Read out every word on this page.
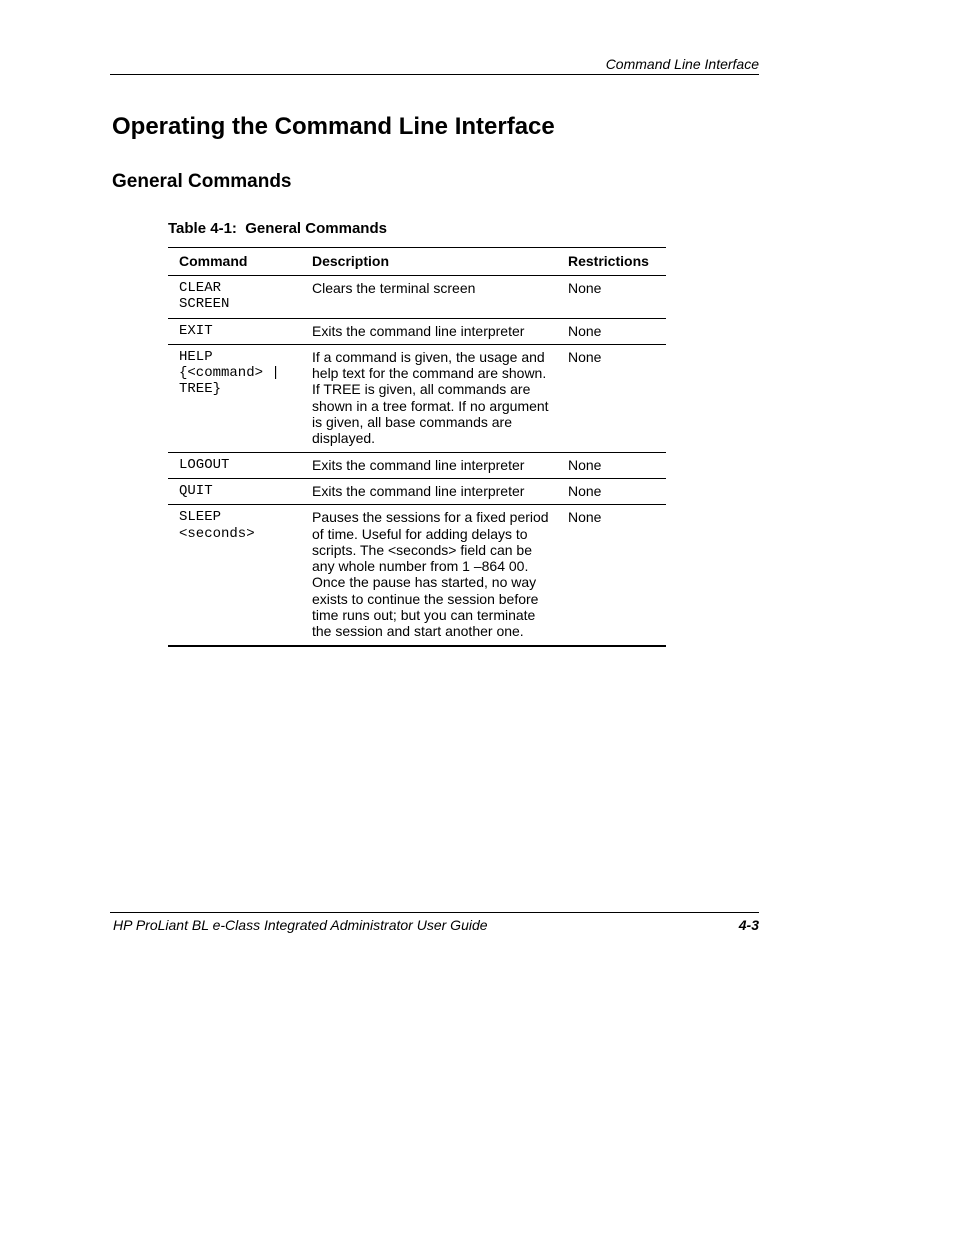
Command Line Interface
Operating the Command Line Interface
General Commands
Table 4-1:  General Commands
Command	Description	Restrictions
CLEAR
SCREEN	Clears the terminal screen	None
EXIT	Exits the command line interpreter	None
HELP
{<command> |
TREE}	If a command is given, the usage and help text for the command are shown. If TREE is given, all commands are shown in a tree format. If no argument is given, all base commands are displayed.	None
LOGOUT	Exits the command line interpreter	None
QUIT	Exits the command line interpreter	None
SLEEP
<seconds>	Pauses the sessions for a fixed period of time. Useful for adding delays to scripts. The <seconds> field can be any whole number from 1 –864 00. Once the pause has started, no way exists to continue the session before time runs out; but you can terminate the session and start another one.	None
HP ProLiant BL e-Class Integrated Administrator User Guide	4-3
